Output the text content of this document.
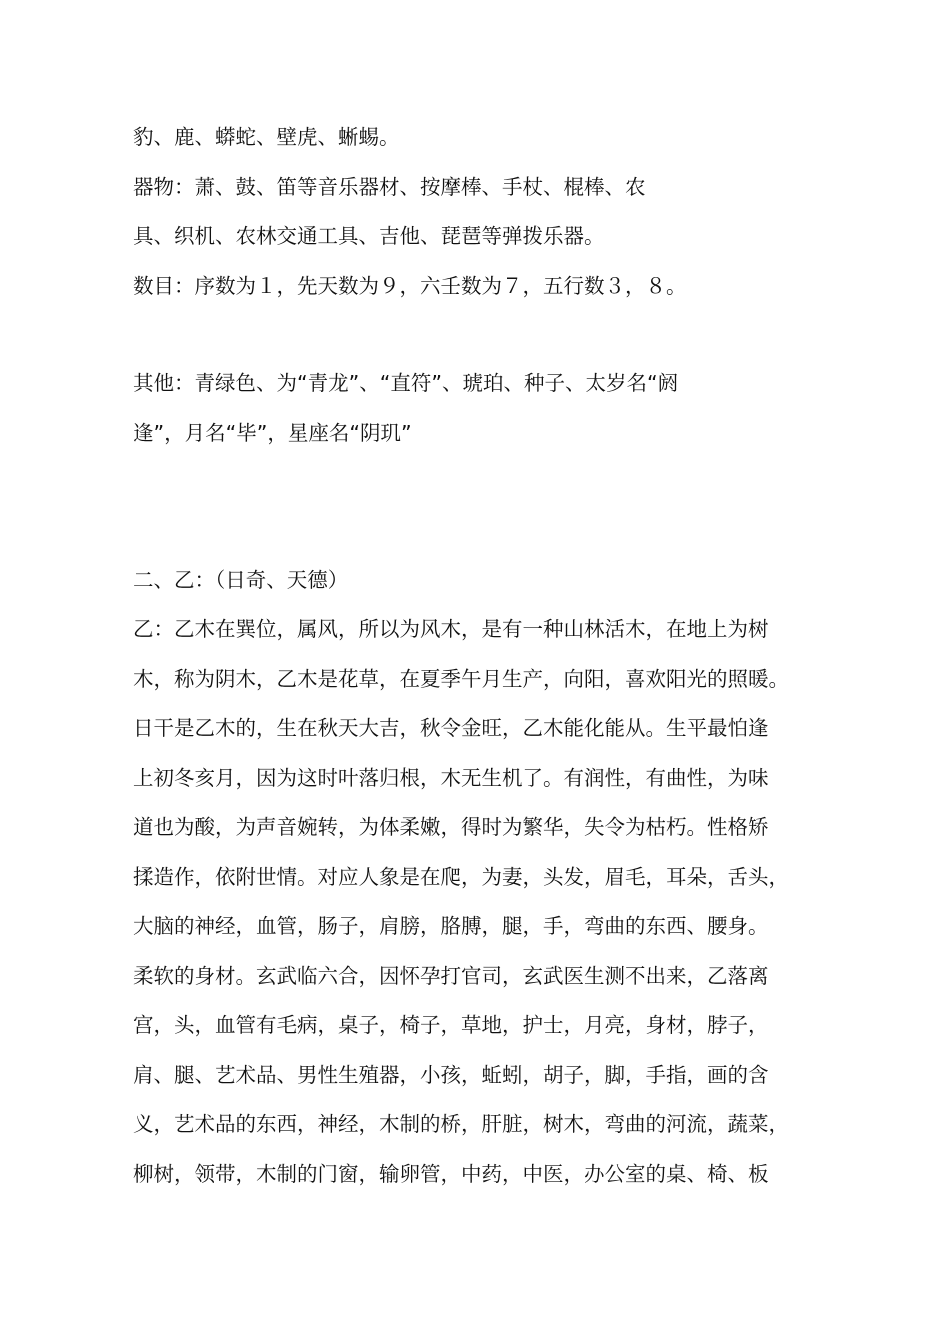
豹、鹿、蟒蛇、壁虎、蜥蜴。
器物：萧、鼓、笛等音乐器材、按摩棒、手杖、棍棒、农
具、织机、农林交通工具、吉他、琵琶等弹拨乐器。
数目：序数为１，先天数为９，六壬数为７，五行数３，８。
其他：青绿色、为“青龙”、“直符”、琥珀、种子、太岁名“阏
逢”，月名“毕”，星座名“阴玑”
二、乙：（日奇、天德）
乙：乙木在巽位，属风，所以为风木，是有一种山林活木，在地上为树
木，称为阴木，乙木是花草，在夏季午月生产，向阳，喜欢阳光的照暖。
日干是乙木的，生在秋天大吉，秋令金旺，乙木能化能从。生平最怕逢
上初冬亥月，因为这时叶落归根，木无生机了。有润性，有曲性，为味
道也为酸，为声音婉转，为体柔嫩，得时为繁华，失令为枯朽。性格矫
揉造作，依附世情。对应人象是在爬，为妻，头发，眉毛，耳朵，舌头，
大脑的神经，血管，肠子，肩膀，胳膊，腿，手，弯曲的东西、腰身。
柔软的身材。玄武临六合，因怀孕打官司，玄武医生测不出来，乙落离
宫，头，血管有毛病，桌子，椅子，草地，护士，月亮，身材，脖子，
肩、腿、艺术品、男性生殖器，小孩，蚯蚓，胡子，脚，手指，画的含
义，艺术品的东西，神经，木制的桥，肝脏，树木，弯曲的河流，蔬菜，
柳树，领带，木制的门窗，输卵管，中药，中医，办公室的桌、椅、板
